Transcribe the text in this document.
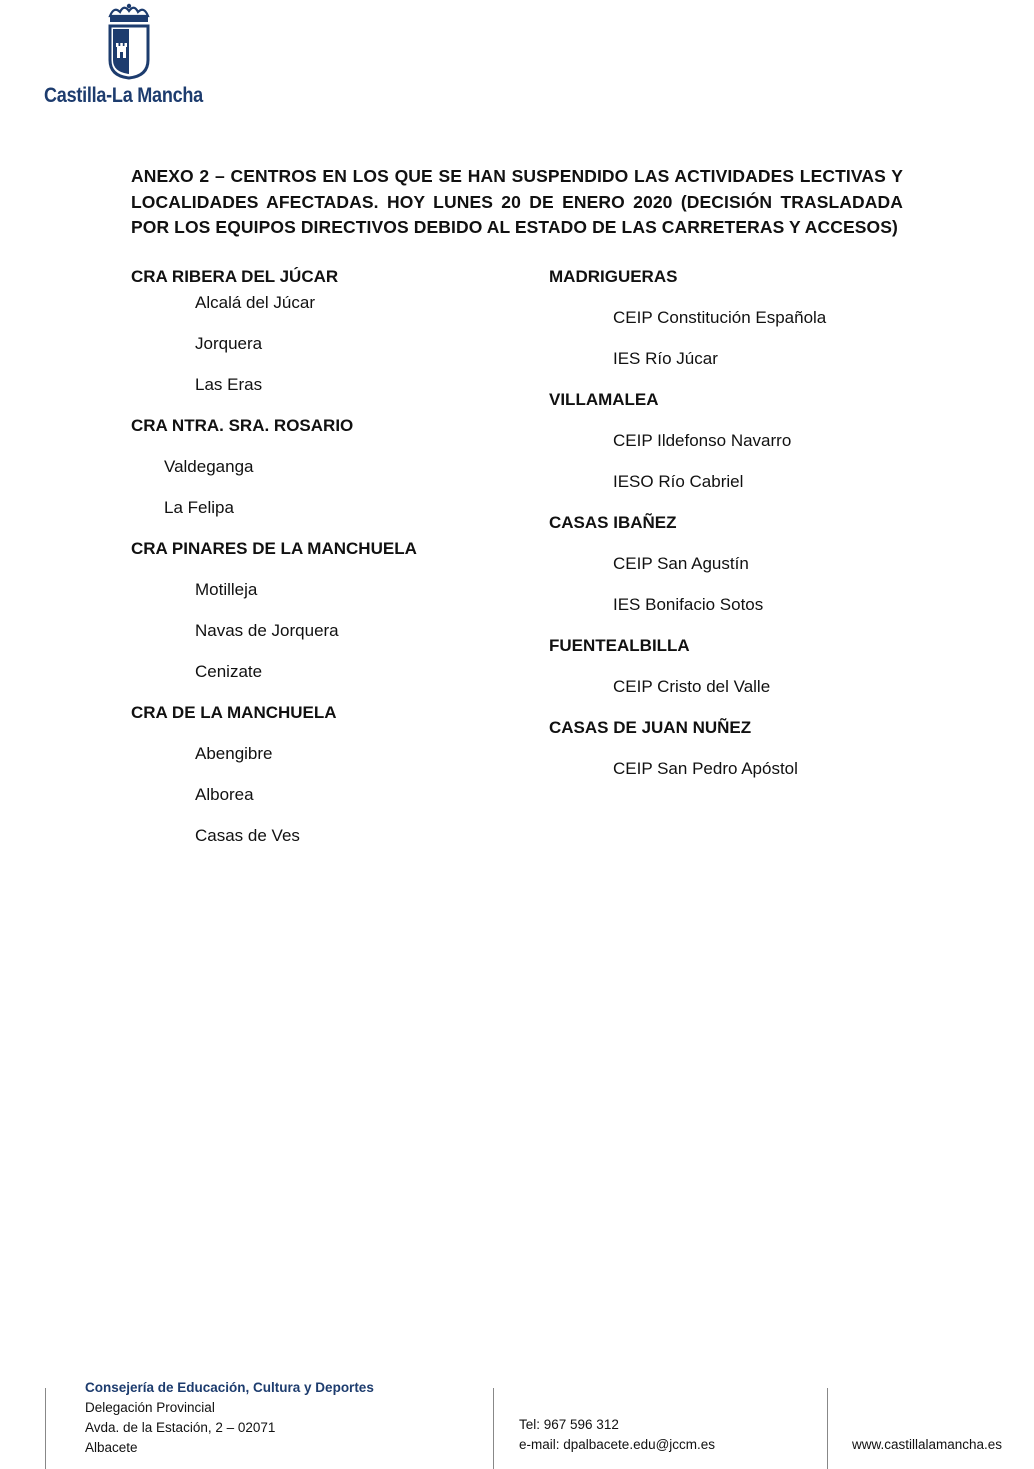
Castilla-La Mancha
ANEXO 2 – CENTROS EN LOS QUE SE HAN SUSPENDIDO LAS ACTIVIDADES LECTIVAS Y LOCALIDADES AFECTADAS. HOY LUNES 20 DE ENERO 2020 (DECISIÓN TRASLADADA POR LOS EQUIPOS DIRECTIVOS DEBIDO AL ESTADO DE LAS CARRETERAS Y ACCESOS)
CRA RIBERA DEL JÚCAR
Alcalá del Júcar
Jorquera
Las Eras
CRA NTRA. SRA. ROSARIO
Valdeganga
La Felipa
CRA PINARES DE LA MANCHUELA
Motilleja
Navas de Jorquera
Cenizate
CRA DE LA MANCHUELA
Abengibre
Alborea
Casas de Ves
MADRIGUERAS
CEIP Constitución Española
IES Río Júcar
VILLAMALEA
CEIP Ildefonso Navarro
IESO Río Cabriel
CASAS IBAÑEZ
CEIP San Agustín
IES Bonifacio Sotos
FUENTEALBILLA
CEIP Cristo del Valle
CASAS DE JUAN NUÑEZ
CEIP San Pedro Apóstol
Consejería de Educación, Cultura y Deportes
Delegación Provincial
Avda. de la Estación, 2 – 02071
Albacete
Tel: 967 596 312
e-mail: dpalbacete.edu@jccm.es	www.castillalamancha.es
